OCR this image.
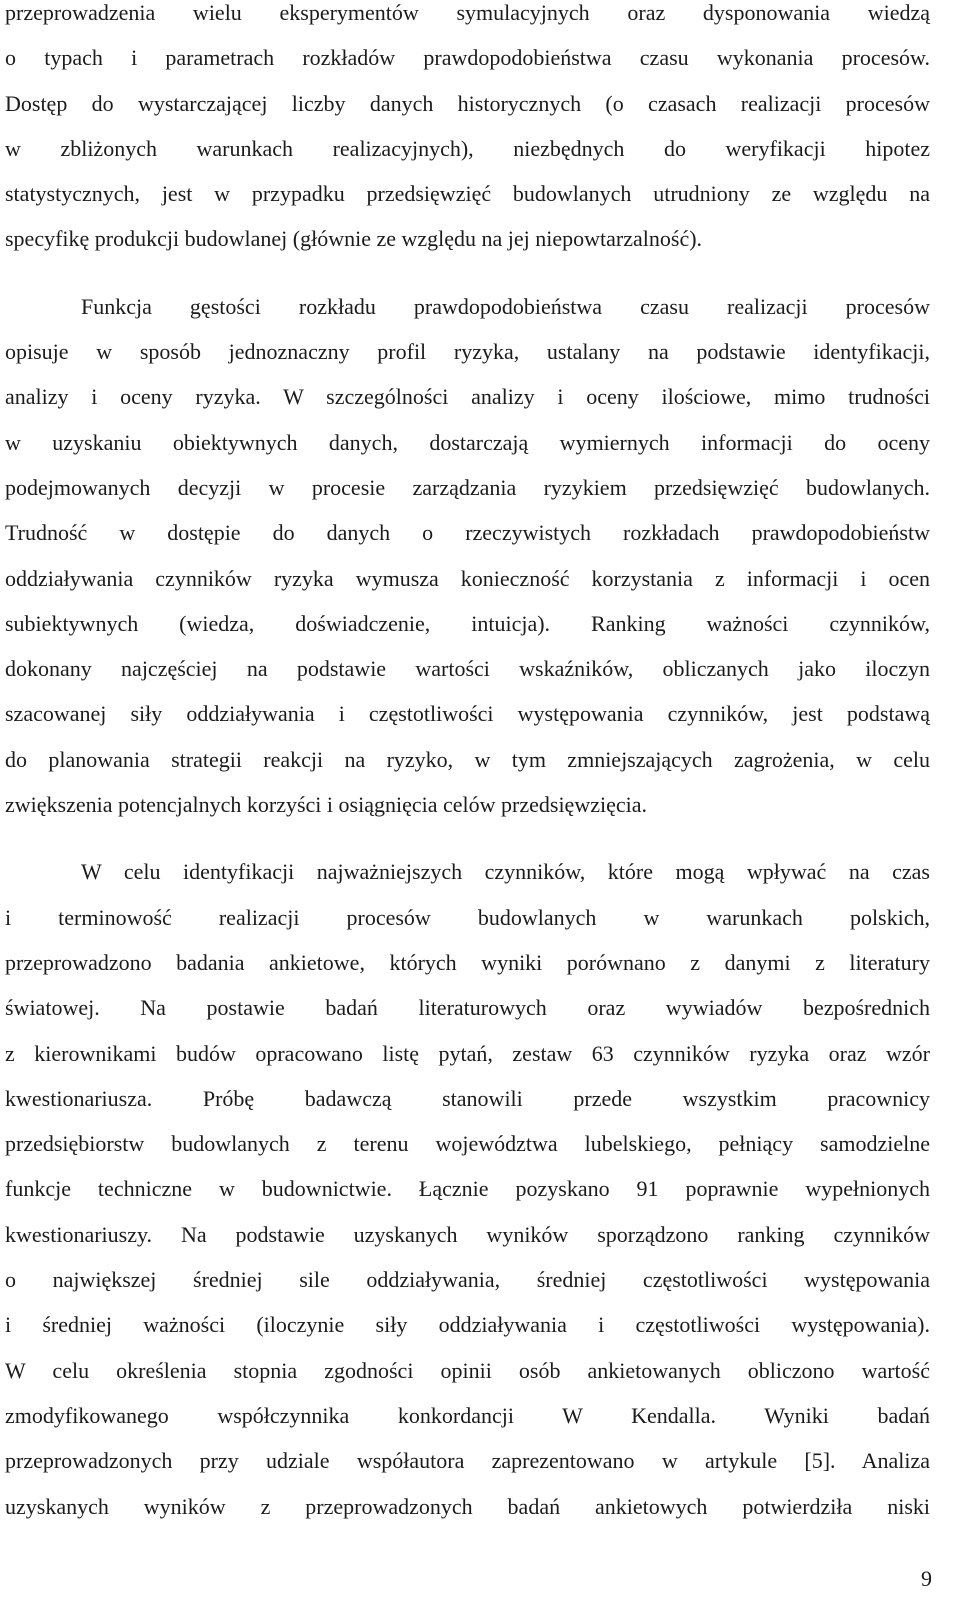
przeprowadzenia wielu eksperymentów symulacyjnych oraz dysponowania wiedzą
o typach i parametrach rozkładów prawdopodobieństwa czasu wykonania procesów.
Dostęp do wystarczającej liczby danych historycznych (o czasach realizacji procesów
w zbliżonych warunkach realizacyjnych), niezbędnych do weryfikacji hipotez
statystycznych, jest w przypadku przedsięwzięć budowlanych utrudniony ze względu na
specyfikę produkcji budowlanej (głównie ze względu na jej niepowtarzalność).
Funkcja gęstości rozkładu prawdopodobieństwa czasu realizacji procesów
opisuje w sposób jednoznaczny profil ryzyka, ustalany na podstawie identyfikacji,
analizy i oceny ryzyka. W szczególności analizy i oceny ilościowe, mimo trudności
w uzyskaniu obiektywnych danych, dostarczają wymiernych informacji do oceny
podejmowanych decyzji w procesie zarządzania ryzykiem przedsięwzięć budowlanych.
Trudność w dostępie do danych o rzeczywistych rozkładach prawdopodobieństw
oddziaływania czynników ryzyka wymusza konieczność korzystania z informacji i ocen
subiektywnych (wiedza, doświadczenie, intuicja). Ranking ważności czynników,
dokonany najczęściej na podstawie wartości wskaźników, obliczanych jako iloczyn
szacowanej siły oddziaływania i częstotliwości występowania czynników, jest podstawą
do planowania strategii reakcji na ryzyko, w tym zmniejszających zagrożenia, w celu
zwiększenia potencjalnych korzyści i osiągnięcia celów przedsięwzięcia.
W celu identyfikacji najważniejszych czynników, które mogą wpływać na czas
i terminowość realizacji procesów budowlanych w warunkach polskich,
przeprowadzono badania ankietowe, których wyniki porównano z danymi z literatury
światowej. Na postawie badań literaturowych oraz wywiadów bezpośrednich
z kierownikami budów opracowano listę pytań, zestaw 63 czynników ryzyka oraz wzór
kwestionariusza. Próbę badawczą stanowili przede wszystkim pracownicy
przedsiębiorstw budowlanych z terenu województwa lubelskiego, pełniący samodzielne
funkcje techniczne w budownictwie. Łącznie pozyskano 91 poprawnie wypełnionych
kwestionariuszy. Na podstawie uzyskanych wyników sporządzono ranking czynników
o największej średniej sile oddziaływania, średniej częstotliwości występowania
i średniej ważności (iloczynie siły oddziaływania i częstotliwości występowania).
W celu określenia stopnia zgodności opinii osób ankietowanych obliczono wartość
zmodyfikowanego współczynnika konkordancji W Kendalla. Wyniki badań
przeprowadzonych przy udziale współautora zaprezentowano w artykule [5]. Analiza
uzyskanych wyników z przeprowadzonych badań ankietowych potwierdziła niski
9
